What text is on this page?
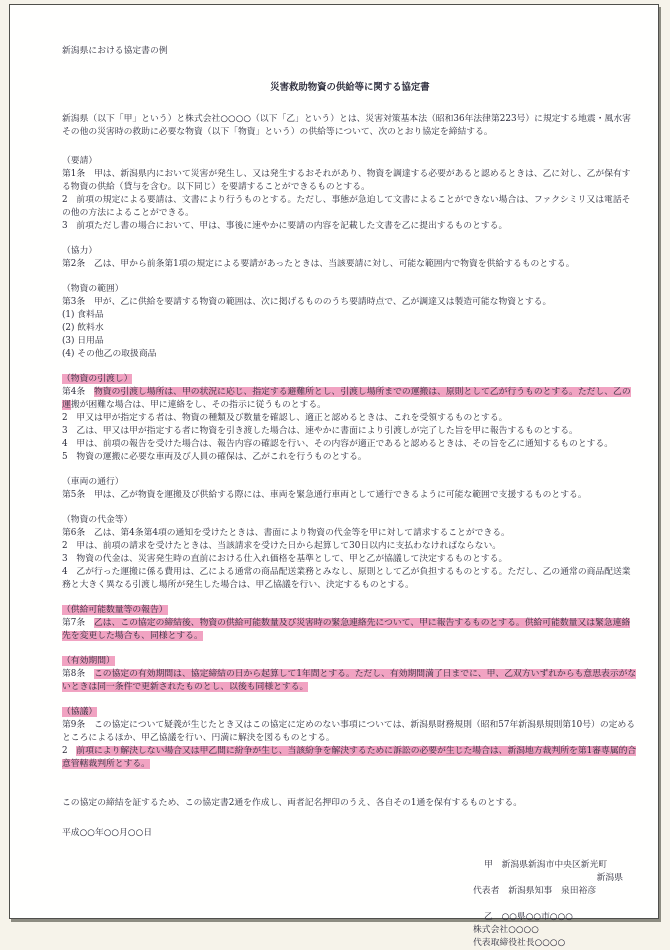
新潟県における協定書の例
災害救助物資の供給等に関する協定書
新潟県（以下「甲」という）と株式会社○○○○（以下「乙」という）とは、災害対策基本法（昭和36年法律第223号）に規定する地震・風水害その他の災害時の救助に必要な物資（以下「物資」という）の供給等について、次のとおり協定を締結する。
（要請）
第1条　甲は、新潟県内において災害が発生し、又は発生するおそれがあり、物資を調達する必要があると認めるときは、乙に対し、乙が保有する物資の供給（貸与を含む。以下同じ）を要請することができるものとする。
2　前項の規定による要請は、文書により行うものとする。ただし、事態が急迫して文書によることができない場合は、ファクシミリ又は電話その他の方法によることができる。
3　前項ただし書の場合において、甲は、事後に速やかに要請の内容を記載した文書を乙に提出するものとする。
（協力）
第2条　乙は、甲から前条第1項の規定による要請があったときは、当該要請に対し、可能な範囲内で物資を供給するものとする。
（物資の範囲）
第3条　甲が、乙に供給を要請する物資の範囲は、次に掲げるもののうち要請時点で、乙が調達又は製造可能な物資とする。
(1) 食料品
(2) 飲料水
(3) 日用品
(4) その他乙の取扱商品
（物資の引渡し）
第4条　物資の引渡し場所は、甲の状況に応じ、指定する避難所とし、引渡し場所までの運搬は、原則として乙が行うものとする。ただし、乙の運搬が困難な場合は、甲に連絡をし、その指示に従うものとする。
2　甲又は甲が指定する者は、物資の種類及び数量を確認し、適正と認めるときは、これを受領するものとする。
3　乙は、甲又は甲が指定する者に物資を引き渡した場合は、速やかに書面により引渡しが完了した旨を甲に報告するものとする。
4　甲は、前項の報告を受けた場合は、報告内容の確認を行い、その内容が適正であると認めるときは、その旨を乙に通知するものとする。
5　物資の運搬に必要な車両及び人員の確保は、乙がこれを行うものとする。
（車両の通行）
第5条　甲は、乙が物資を運搬及び供給する際には、車両を緊急通行車両として通行できるように可能な範囲で支援するものとする。
（物資の代金等）
第6条　乙は、第4条第4項の通知を受けたときは、書面により物資の代金等を甲に対して請求することができる。
2　甲は、前項の請求を受けたときは、当該請求を受けた日から起算して30日以内に支払わなければならない。
3　物資の代金は、災害発生時の直前における仕入れ価格を基準として、甲と乙が協議して決定するものとする。
4　乙が行った運搬に係る費用は、乙による通常の商品配送業務とみなし、原則として乙が負担するものとする。ただし、乙の通常の商品配送業務と大きく異なる引渡し場所が発生した場合は、甲乙協議を行い、決定するものとする。
（供給可能数量等の報告）
第7条　乙は、この協定の締結後、物資の供給可能数量及び災害時の緊急連絡先について、甲に報告するものとする。供給可能数量又は緊急連絡先を変更した場合も、同様とする。
（有効期間）
第8条　この協定の有効期間は、協定締結の日から起算して1年間とする。ただし、有効期間満了日までに、甲、乙双方いずれからも意思表示がないときは同一条件で更新されたものとし、以後も同様とする。
（協議）
第9条　この協定について疑義が生じたとき又はこの協定に定めのない事項については、新潟県財務規則（昭和57年新潟県規則第10号）の定めるところによるほか、甲乙協議を行い、円満に解決を図るものとする。
2　前項により解決しない場合又は甲乙間に紛争が生じ、当該紛争を解決するために訴訟の必要が生じた場合は、新潟地方裁判所を第1審専属的合意管轄裁判所とする。
この協定の締結を証するため、この協定書2通を作成し、両者記名押印のうえ、各自その1通を保有するものとする。
平成○○年○○月○○日
甲　新潟県新潟市中央区新光町
新潟県
代表者　新潟県知事　泉田裕彦
乙　○○県○○市○○○
株式会社○○○○
代表取締役社長○○○○
